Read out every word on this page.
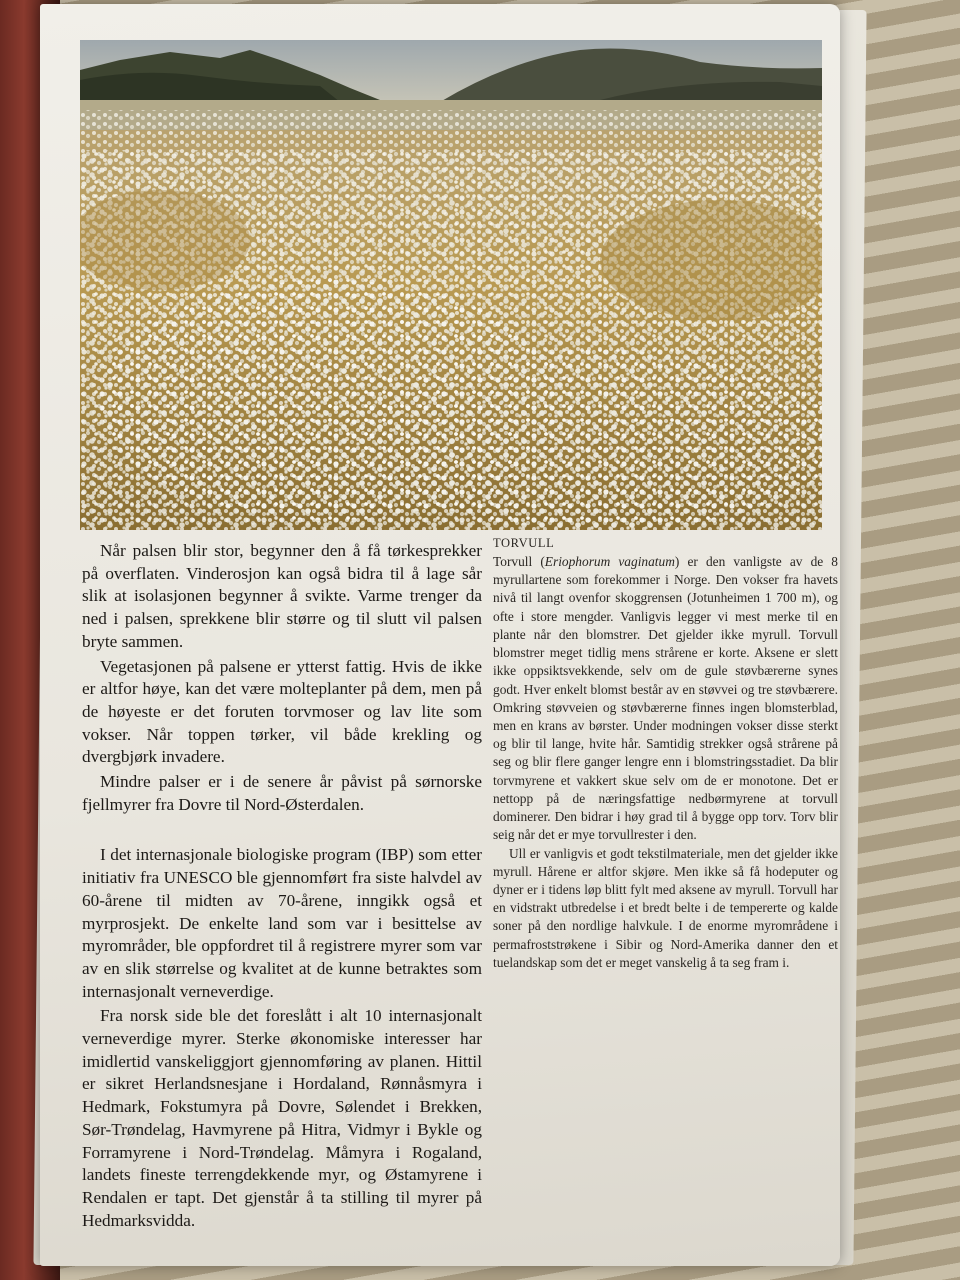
Når palsen blir stor, begynner den å få tørkesprekker på overflaten. Vinderosjon kan også bidra til å lage sår slik at isolasjonen begynner å svikte. Varme trenger da ned i palsen, sprekkene blir større og til slutt vil palsen bryte sammen.

Vegetasjonen på palsene er ytterst fattig. Hvis de ikke er altfor høye, kan det være molteplanter på dem, men på de høyeste er det foruten torvmoser og lav lite som vokser. Når toppen tørker, vil både krekling og dvergbjørk invadere.

Mindre palser er i de senere år påvist på sørnorske fjellmyrer fra Dovre til Nord-Østerdalen.

I det internasjonale biologiske program (IBP) som etter initiativ fra UNESCO ble gjennomført fra siste halvdel av 60-årene til midten av 70-årene, inngikk også et myrprosjekt. De enkelte land som var i besittelse av myrområder, ble oppfordret til å registrere myrer som var av en slik størrelse og kvalitet at de kunne betraktes som internasjonalt verneverdige.

Fra norsk side ble det foreslått i alt 10 internasjonalt verneverdige myrer. Sterke økonomiske interesser har imidlertid vanskeliggjort gjennomføring av planen. Hittil er sikret Herlandsnesjane i Hordaland, Rønnåsmyra i Hedmark, Fokstumyra på Dovre, Sølendet i Brekken, Sør-Trøndelag, Havmyrene på Hitra, Vidmyr i Bykle og Forramyrene i Nord-Trøndelag. Måmyra i Rogaland, landets fineste terrengdekkende myr, og Østamyrene i Rendalen er tapt. Det gjenstår å ta stilling til myrer på Hedmarksvidda.

TORVULL

Torvull (Eriophorum vaginatum) er den vanligste av de 8 myrullartene som forekommer i Norge. Den vokser fra havets nivå til langt ovenfor skoggrensen (Jotunheimen 1 700 m), og ofte i store mengder. Vanligvis legger vi mest merke til en plante når den blomstrer. Det gjelder ikke myrull. Torvull blomstrer meget tidlig mens strårene er korte. Aksene er slett ikke oppsiktsvekkende, selv om de gule støvbærerne synes godt. Hver enkelt blomst består av en støvvei og tre støvbærere. Omkring støvveien og støvbærerne finnes ingen blomsterblad, men en krans av børster. Under modningen vokser disse sterkt og blir til lange, hvite hår. Samtidig strekker også strårene på seg og blir flere ganger lengre enn i blomstringsstadiet. Da blir torvmyrene et vakkert skue selv om de er monotone. Det er nettopp på de næringsfattige nedbørmyrene at torvull dominerer. Den bidrar i høy grad til å bygge opp torv. Torv blir seig når det er mye torvullrester i den.

Ull er vanligvis et godt tekstilmateriale, men det gjelder ikke myrull. Hårene er altfor skjøre. Men ikke så få hodeputer og dyner er i tidens løp blitt fylt med aksene av myrull. Torvull har en vidstrakt utbredelse i et bredt belte i de tempererte og kalde soner på den nordlige halvkule. I de enorme myrområdene i permafroststrøkene i Sibir og Nord-Amerika danner den et tuelandskap som det er meget vanskelig å ta seg fram i.
